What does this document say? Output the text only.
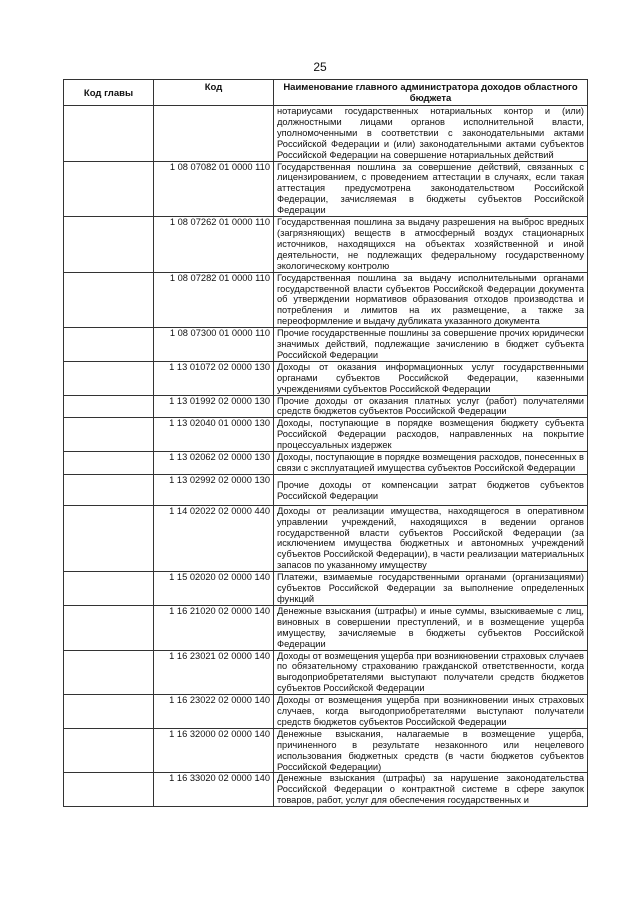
25
Код главы	Код	Наименование главного администратора доходов областного бюджета
		нотариусами государственных нотариальных контор и (или) должностными лицами органов исполнительной власти, уполномоченными в соответствии с законодательными актами Российской Федерации и (или) законодательными актами субъектов Российской Федерации на совершение нотариальных действий
	1 08 07082 01 0000 110	Государственная пошлина за совершение действий, связанных с лицензированием, с проведением аттестации в случаях, если такая аттестация предусмотрена законодательством Российской Федерации, зачисляемая в бюджеты субъектов Российской Федерации
	1 08 07262 01 0000 110	Государственная пошлина за выдачу разрешения на выброс вредных (загрязняющих) веществ в атмосферный воздух стационарных источников, находящихся на объектах хозяйственной и иной деятельности, не подлежащих федеральному государственному экологическому контролю
	1 08 07282 01 0000 110	Государственная пошлина за выдачу исполнительными органами государственной власти субъектов Российской Федерации документа об утверждении нормативов образования отходов производства и потребления и лимитов на их размещение, а также за переоформление и выдачу дубликата указанного документа
	1 08 07300 01 0000 110	Прочие государственные пошлины за совершение прочих юридически значимых действий, подлежащие зачислению в бюджет субъекта Российской Федерации
	1 13 01072 02 0000 130	Доходы от оказания информационных услуг государственными органами субъектов Российской Федерации, казенными учреждениями субъектов Российской Федерации
	1 13 01992 02 0000 130	Прочие доходы от оказания платных услуг (работ) получателями средств бюджетов субъектов Российской Федерации
	1 13 02040 01 0000 130	Доходы, поступающие в порядке возмещения бюджету субъекта Российской Федерации расходов, направленных на покрытие процессуальных издержек
	1 13 02062 02 0000 130	Доходы, поступающие в порядке возмещения расходов, понесенных в связи с эксплуатацией имущества субъектов Российской Федерации
	1 13 02992 02 0000 130	Прочие доходы от компенсации затрат бюджетов субъектов Российской Федерации
	1 14 02022 02 0000 440	Доходы от реализации имущества, находящегося в оперативном управлении учреждений, находящихся в ведении органов государственной власти субъектов Российской Федерации (за исключением имущества бюджетных и автономных учреждений субъектов Российской Федерации), в части реализации материальных запасов по указанному имуществу
	1 15 02020 02 0000 140	Платежи, взимаемые государственными органами (организациями) субъектов Российской Федерации за выполнение определенных функций
	1 16 21020 02 0000 140	Денежные взыскания (штрафы) и иные суммы, взыскиваемые с лиц, виновных в совершении преступлений, и в возмещение ущерба имуществу, зачисляемые в бюджеты субъектов Российской Федерации
	1 16 23021 02 0000 140	Доходы от возмещения ущерба при возникновении страховых случаев по обязательному страхованию гражданской ответственности, когда выгодоприобретателями выступают получатели средств бюджетов субъектов Российской Федерации
	1 16 23022 02 0000 140	Доходы от возмещения ущерба при возникновении иных страховых случаев, когда выгодоприобретателями выступают получатели средств бюджетов субъектов Российской Федерации
	1 16 32000 02 0000 140	Денежные взыскания, налагаемые в возмещение ущерба, причиненного в результате незаконного или нецелевого использования бюджетных средств (в части бюджетов субъектов Российской Федерации)
	1 16 33020 02 0000 140	Денежные взыскания (штрафы) за нарушение законодательства Российской Федерации о контрактной системе в сфере закупок товаров, работ, услуг для обеспечения государственных и
